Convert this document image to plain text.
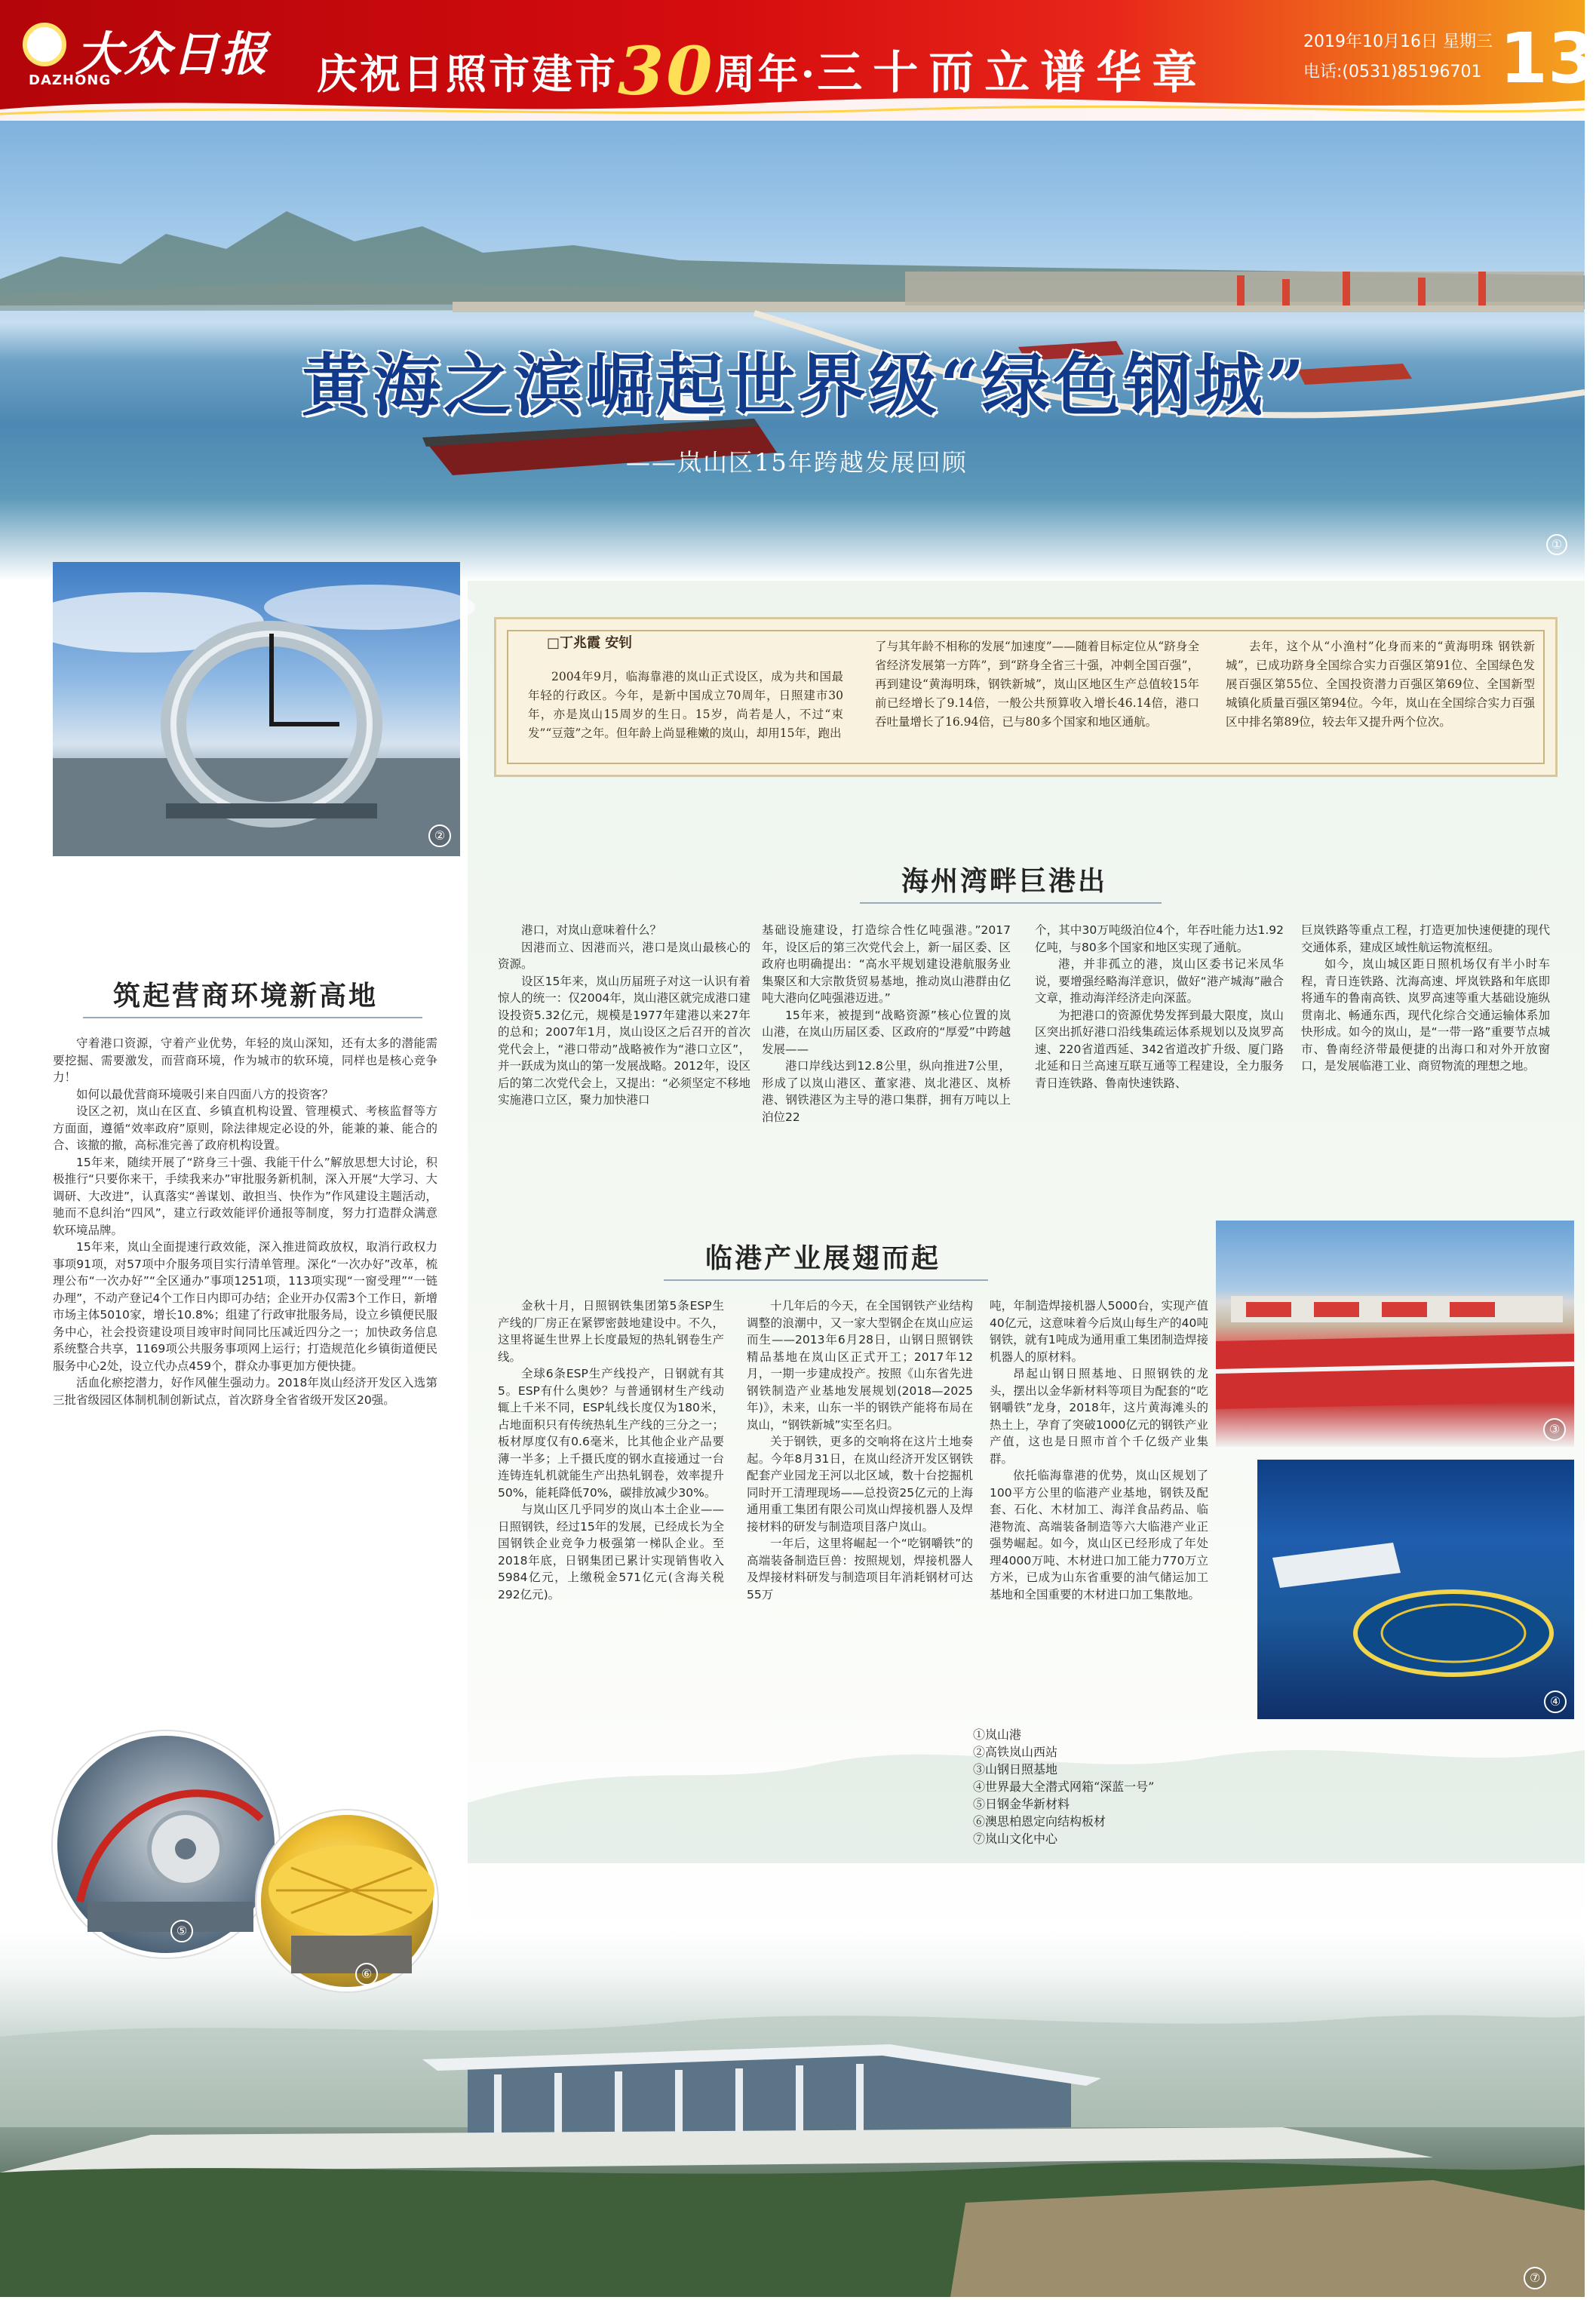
大众日报
DAZHONG	庆祝日照市建市30周年·三十而立谱华章
2019年10月16日 星期三
电话:(0531)85196701 13
①
黄海之滨崛起世界级“绿色钢城”
——岚山区15年跨越发展回顾
②
□丁兆霞 安钊
2004年9月，临海靠港的岚山正式设区，成为共和国最年轻的行政区。今年，是新中国成立70周年，日照建市30年，亦是岚山15周岁的生日。15岁，尚若是人，不过“束发”“豆蔻”之年。但年龄上尚显稚嫩的岚山，却用15年，跑出
了与其年龄不相称的发展“加速度”——随着目标定位从“跻身全省经济发展第一方阵”，到“跻身全省三十强，冲刺全国百强”，再到建设“黄海明珠，钢铁新城”，岚山区地区生产总值较15年前已经增长了9.14倍，一般公共预算收入增长46.14倍，港口吞吐量增长了16.94倍，已与80多个国家和地区通航。
去年，这个从“小渔村”化身而来的“黄海明珠 钢铁新城”，已成功跻身全国综合实力百强区第91位、全国绿色发展百强区第55位、全国投资潜力百强区第69位、全国新型城镇化质量百强区第94位。今年，岚山在全国综合实力百强区中排名第89位，较去年又提升两个位次。
海州湾畔巨港出

港口，对岚山意味着什么？

因港而立、因港而兴，港口是岚山最核心的资源。

设区15年来，岚山历届班子对这一认识有着惊人的统一：仅2004年，岚山港区就完成港口建设投资5.32亿元，规模是1977年建港以来27年的总和；2007年1月，岚山设区之后召开的首次党代会上，“港口带动”战略被作为“港口立区”，并一跃成为岚山的第一发展战略。2012年，设区后的第二次党代会上，又提出：“必须坚定不移地实施港口立区，聚力加快港口

基础设施建设，打造综合性亿吨强港。”2017年，设区后的第三次党代会上，新一届区委、区政府也明确提出：“高水平规划建设港航服务业集聚区和大宗散货贸易基地，推动岚山港群由亿吨大港向亿吨强港迈进。”

15年来，被提到“战略资源”核心位置的岚山港，在岚山历届区委、区政府的“厚爱”中跨越发展——

港口岸线达到12.8公里，纵向推进7公里，形成了以岚山港区、董家港、岚北港区、岚桥港、钢铁港区为主导的港口集群，拥有万吨以上泊位22

个，其中30万吨级泊位4个，年吞吐能力达1.92亿吨，与80多个国家和地区实现了通航。

港，并非孤立的港，岚山区委书记米凤华说，要增强经略海洋意识，做好“港产城海”融合文章，推动海洋经济走向深蓝。

为把港口的资源优势发挥到最大限度，岚山区突出抓好港口沿线集疏运体系规划以及岚罗高速、220省道西延、342省道改扩升级、厦门路北延和日兰高速互联互通等工程建设，全力服务青日连铁路、鲁南快速铁路、

巨岚铁路等重点工程，打造更加快速便捷的现代交通体系，建成区域性航运物流枢纽。

如今，岚山城区距日照机场仅有半小时车程，青日连铁路、沈海高速、坪岚铁路和年底即将通车的鲁南高铁、岚罗高速等重大基础设施纵贯南北、畅通东西，现代化综合交通运输体系加快形成。如今的岚山，是“一带一路”重要节点城市、鲁南经济带最便捷的出海口和对外开放窗口，是发展临港工业、商贸物流的理想之地。

筑起营商环境新高地

守着港口资源，守着产业优势，年轻的岚山深知，还有太多的潜能需要挖掘、需要激发，而营商环境，作为城市的软环境，同样也是核心竞争力！

如何以最优营商环境吸引来自四面八方的投资客？

设区之初，岚山在区直、乡镇直机构设置、管理模式、考核监督等方方面面，遵循“效率政府”原则，除法律规定必设的外，能兼的兼、能合的合、该撤的撤，高标准完善了政府机构设置。

15年来，随续开展了“跻身三十强、我能干什么”解放思想大讨论，积极推行“只要你来干，手续我来办”审批服务新机制，深入开展“大学习、大调研、大改进”，认真落实“善谋划、敢担当、快作为”作风建设主题活动，驰而不息纠治“四风”，建立行政效能评价通报等制度，努力打造群众满意软环境品牌。

15年来，岚山全面提速行政效能，深入推进简政放权，取消行政权力事项91项，对57项中介服务项目实行清单管理。深化“一次办好”改革，梳理公布“一次办好”“全区通办”事项1251项，113项实现“一窗受理”“一链办理”，不动产登记4个工作日内即可办结；企业开办仅需3个工作日，新增市场主体5010家，增长10.8%；组建了行政审批服务局，设立乡镇便民服务中心，社会投资建设项目竣审时间同比压减近四分之一；加快政务信息系统整合共享，1169项公共服务事项网上运行；打造规范化乡镇街道便民服务中心2处，设立代办点459个，群众办事更加方便快捷。

活血化瘀挖潜力，好作风催生强动力。2018年岚山经济开发区入选第三批省级园区体制机制创新试点，首次跻身全省省级开发区20强。

临港产业展翅而起

金秋十月，日照钢铁集团第5条ESP生产线的厂房正在紧锣密鼓地建设中。不久，这里将诞生世界上长度最短的热轧钢卷生产线。

全球6条ESP生产线投产，日钢就有其5。ESP有什么奥妙？与普通钢材生产线动辄上千米不同，ESP轧线长度仅为180米，占地面积只有传统热轧生产线的三分之一；板材厚度仅有0.6毫米，比其他企业产品要薄一半多；上千摄氏度的钢水直接通过一台连铸连轧机就能生产出热轧钢卷，效率提升50%，能耗降低70%，碳排放减少30%。

与岚山区几乎同岁的岚山本土企业——日照钢铁，经过15年的发展，已经成长为全国钢铁企业竞争力极强第一梯队企业。至2018年底，日钢集团已累计实现销售收入5984亿元，上缴税金571亿元(含海关税292亿元)。

十几年后的今天，在全国钢铁产业结构调整的浪潮中，又一家大型钢企在岚山应运而生——2013年6月28日，山钢日照钢铁精品基地在岚山区正式开工；2017年12月，一期一步建成投产。按照《山东省先进钢铁制造产业基地发展规划(2018—2025年)》，未来，山东一半的钢铁产能将布局在岚山，“钢铁新城”实至名归。

关于钢铁，更多的交响将在这片土地奏起。今年8月31日，在岚山经济开发区钢铁配套产业园龙王河以北区域，数十台挖掘机同时开工清理现场——总投资25亿元的上海通用重工集团有限公司岚山焊接机器人及焊接材料的研发与制造项目落户岚山。

一年后，这里将崛起一个“吃钢嚼铁”的高端装备制造巨兽：按照规划，焊接机器人及焊接材料研发与制造项目年消耗钢材可达55万

吨，年制造焊接机器人5000台，实现产值40亿元，这意味着今后岚山每生产的40吨钢铁，就有1吨成为通用重工集团制造焊接机器人的原材料。

昂起山钢日照基地、日照钢铁的龙头，摆出以金华新材料等项目为配套的“吃钢嚼铁”龙身，2018年，这片黄海滩头的热土上，孕育了突破1000亿元的钢铁产业产值，这也是日照市首个千亿级产业集群。

依托临海靠港的优势，岚山区规划了100平方公里的临港产业基地，钢铁及配套、石化、木材加工、海洋食品药品、临港物流、高端装备制造等六大临港产业正强势崛起。如今，岚山区已经形成了年处理4000万吨、木材进口加工能力770万立方米，已成为山东省重要的油气储运加工基地和全国重要的木材进口加工集散地。

③
④
①岚山港
②高铁岚山西站
③山钢日照基地
④世界最大全潜式网箱“深蓝一号”
⑤日钢金华新材料
⑥澳思柏恩定向结构板材
⑦岚山文化中心
⑦
⑤
⑥
